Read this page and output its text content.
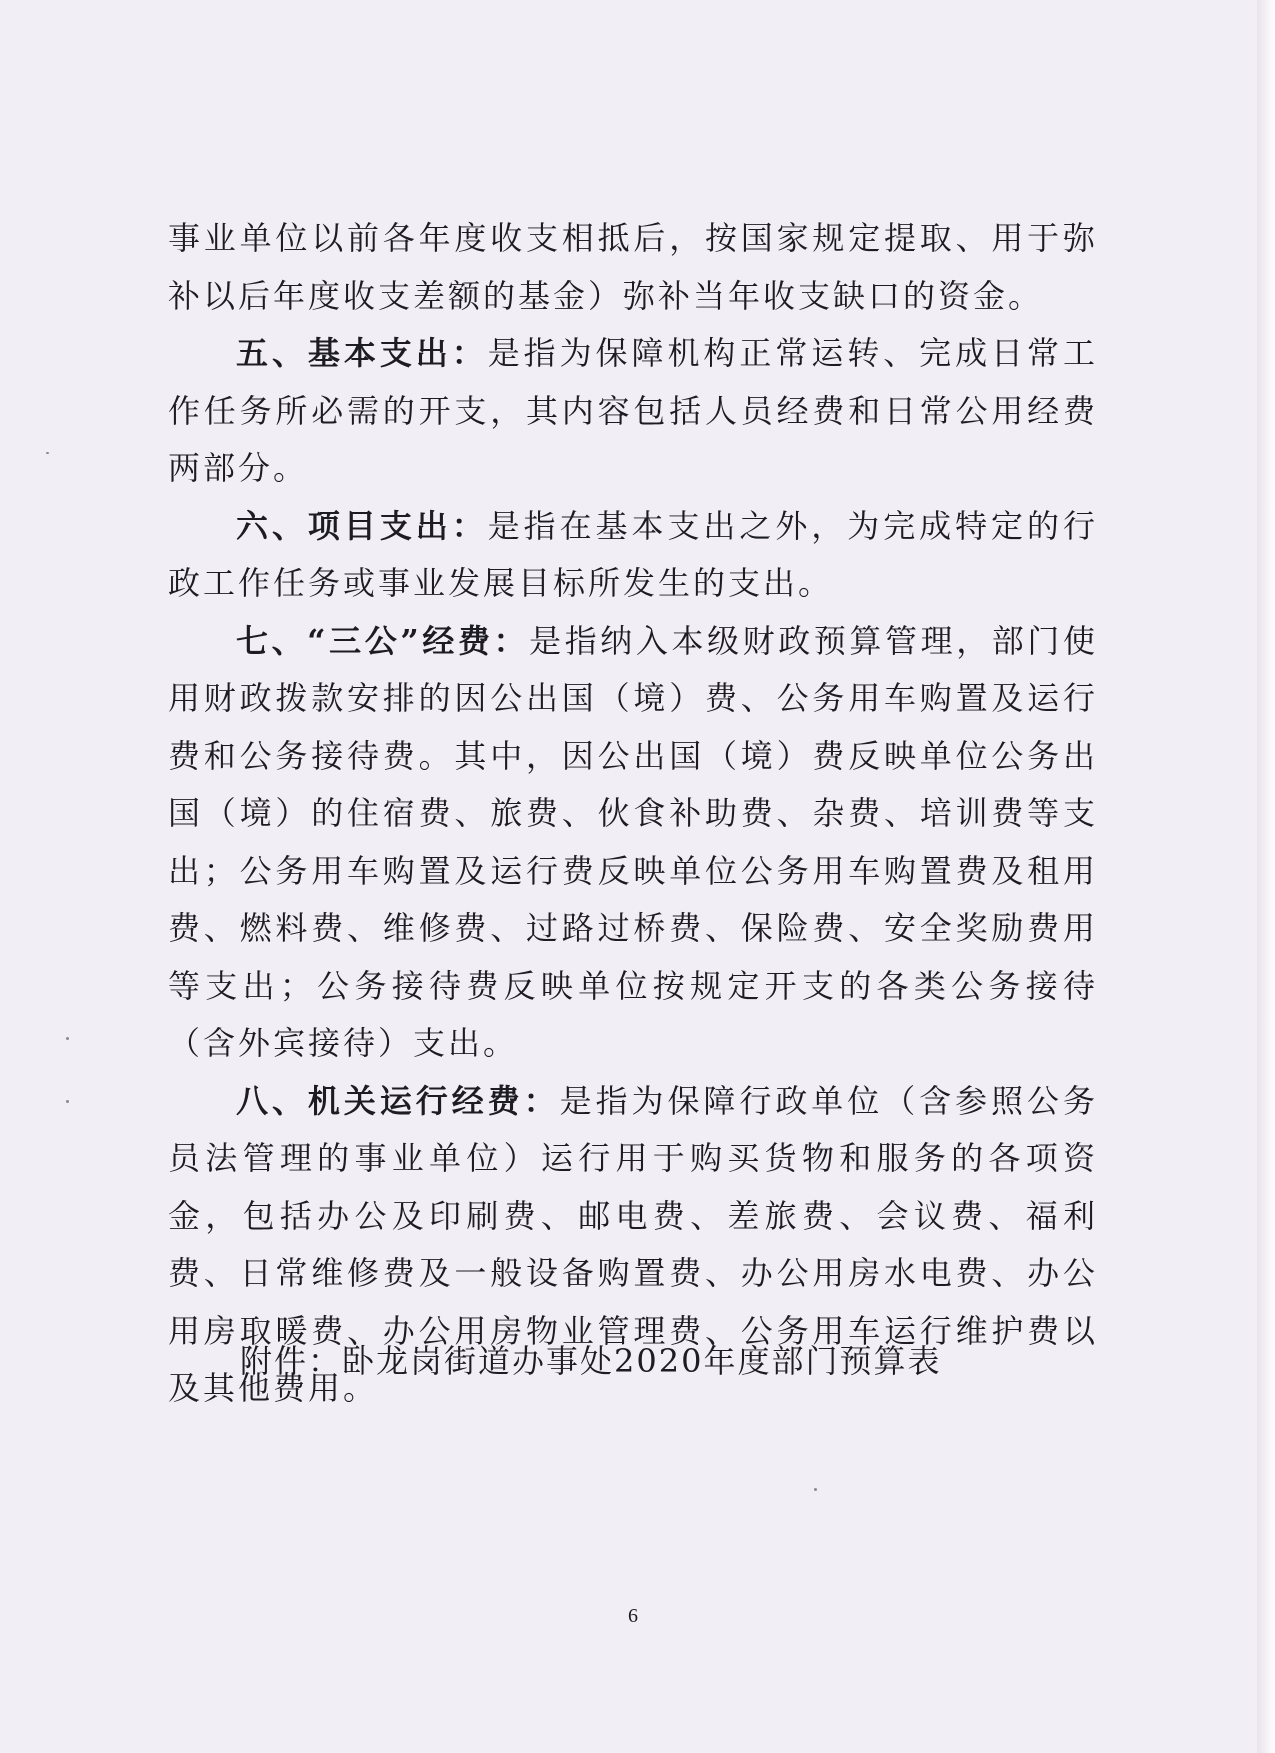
事业单位以前各年度收支相抵后，按国家规定提取、用于弥补以后年度收支差额的基金）弥补当年收支缺口的资金。

五、基本支出：是指为保障机构正常运转、完成日常工作任务所必需的开支，其内容包括人员经费和日常公用经费两部分。

六、项目支出：是指在基本支出之外，为完成特定的行政工作任务或事业发展目标所发生的支出。

七、“三公”经费：是指纳入本级财政预算管理，部门使用财政拨款安排的因公出国（境）费、公务用车购置及运行费和公务接待费。其中，因公出国（境）费反映单位公务出国（境）的住宿费、旅费、伙食补助费、杂费、培训费等支出；公务用车购置及运行费反映单位公务用车购置费及租用费、燃料费、维修费、过路过桥费、保险费、安全奖励费用等支出；公务接待费反映单位按规定开支的各类公务接待（含外宾接待）支出。

八、机关运行经费：是指为保障行政单位（含参照公务员法管理的事业单位）运行用于购买货物和服务的各项资金，包括办公及印刷费、邮电费、差旅费、会议费、福利费、日常维修费及一般设备购置费、办公用房水电费、办公用房取暖费、办公用房物业管理费、公务用车运行维护费以及其他费用。

附件：卧龙岗街道办事处2020年度部门预算表
6
